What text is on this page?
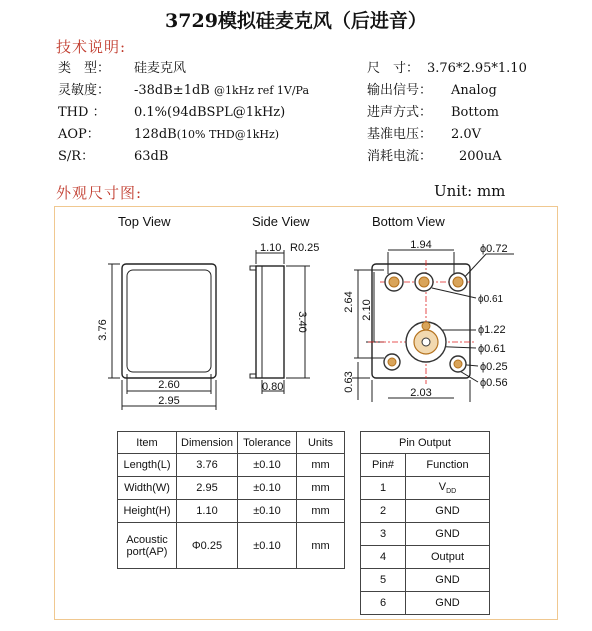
3729模拟硅麦克风（后进音）
技术说明:
类　型： 硅麦克风
灵敏度： -38dB±1dB @1kHz ref 1V/Pa
THD ： 0.1%(94dBSPL@1kHz)
AOP：	128dB(10% THD@1kHz)
S/R：	63dB
尺　寸： 3.76*2.95*1.10
输出信号： Analog
进声方式： Bottom
基准电压： 2.0V
消耗电流： 200uA
外观尺寸图:	Unit: mm
Top View	Side View	Bottom View
3.76
2.60
2.95
1.10 R0.25
3.40
0.80
1.94	ϕ0.72
2.64 2.10	ϕ0.61
ϕ1.22
ϕ0.61
ϕ0.25
ϕ0.56
0.63
2.03
Item	Dimension	Tolerance	Units
Length(L)	3.76	±0.10	mm
Width(W)	2.95	±0.10	mm
Height(H)	1.10	±0.10	mm
Acoustic port(AP)	Φ0.25	±0.10	mm
Pin Output	
Pin#	Function
1	$V_{DD}$
2	GND
3	GND
4	Output
5	GND
6	GND
